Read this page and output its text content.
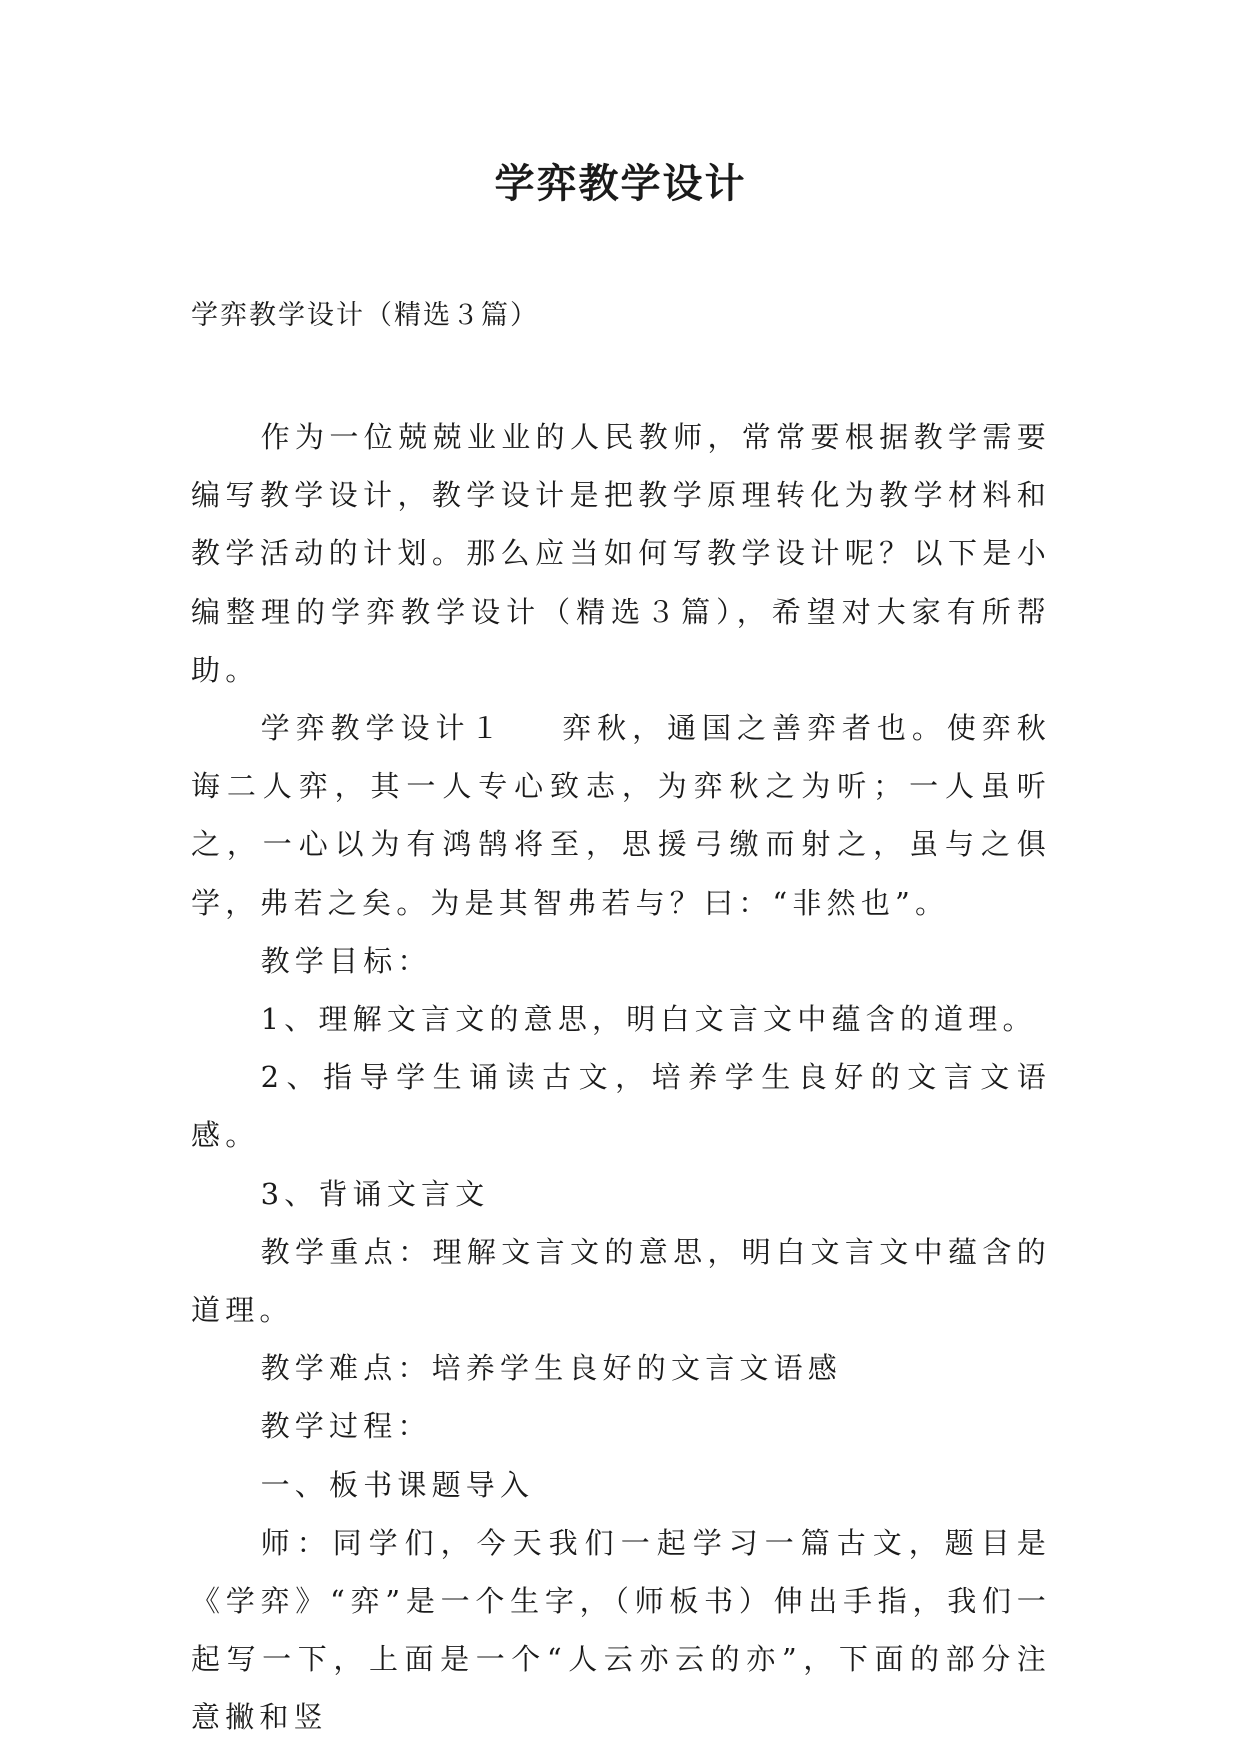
学弈教学设计
学弈教学设计（精选３篇）

作为一位兢兢业业的人民教师，常常要根据教学需要编写教学设计，教学设计是把教学原理转化为教学材料和教学活动的计划。那么应当如何写教学设计呢？以下是小编整理的学弈教学设计（精选３篇），希望对大家有所帮助。

学弈教学设计１ 弈秋，通国之善弈者也。使弈秋诲二人弈，其一人专心致志，为弈秋之为听；一人虽听之，一心以为有鸿鹄将至，思援弓缴而射之，虽与之俱学，弗若之矣。为是其智弗若与？曰：“非然也”。

教学目标：

1、理解文言文的意思，明白文言文中蕴含的道理。

2、指导学生诵读古文，培养学生良好的文言文语感。

3、背诵文言文

教学重点：理解文言文的意思，明白文言文中蕴含的道理。

教学难点：培养学生良好的文言文语感

教学过程：

一、板书课题导入

师：同学们，今天我们一起学习一篇古文，题目是《学弈》“弈”是一个生字，（师板书）伸出手指，我们一起写一下，上面是一个“人云亦云的亦”，下面的部分注意撇和竖
